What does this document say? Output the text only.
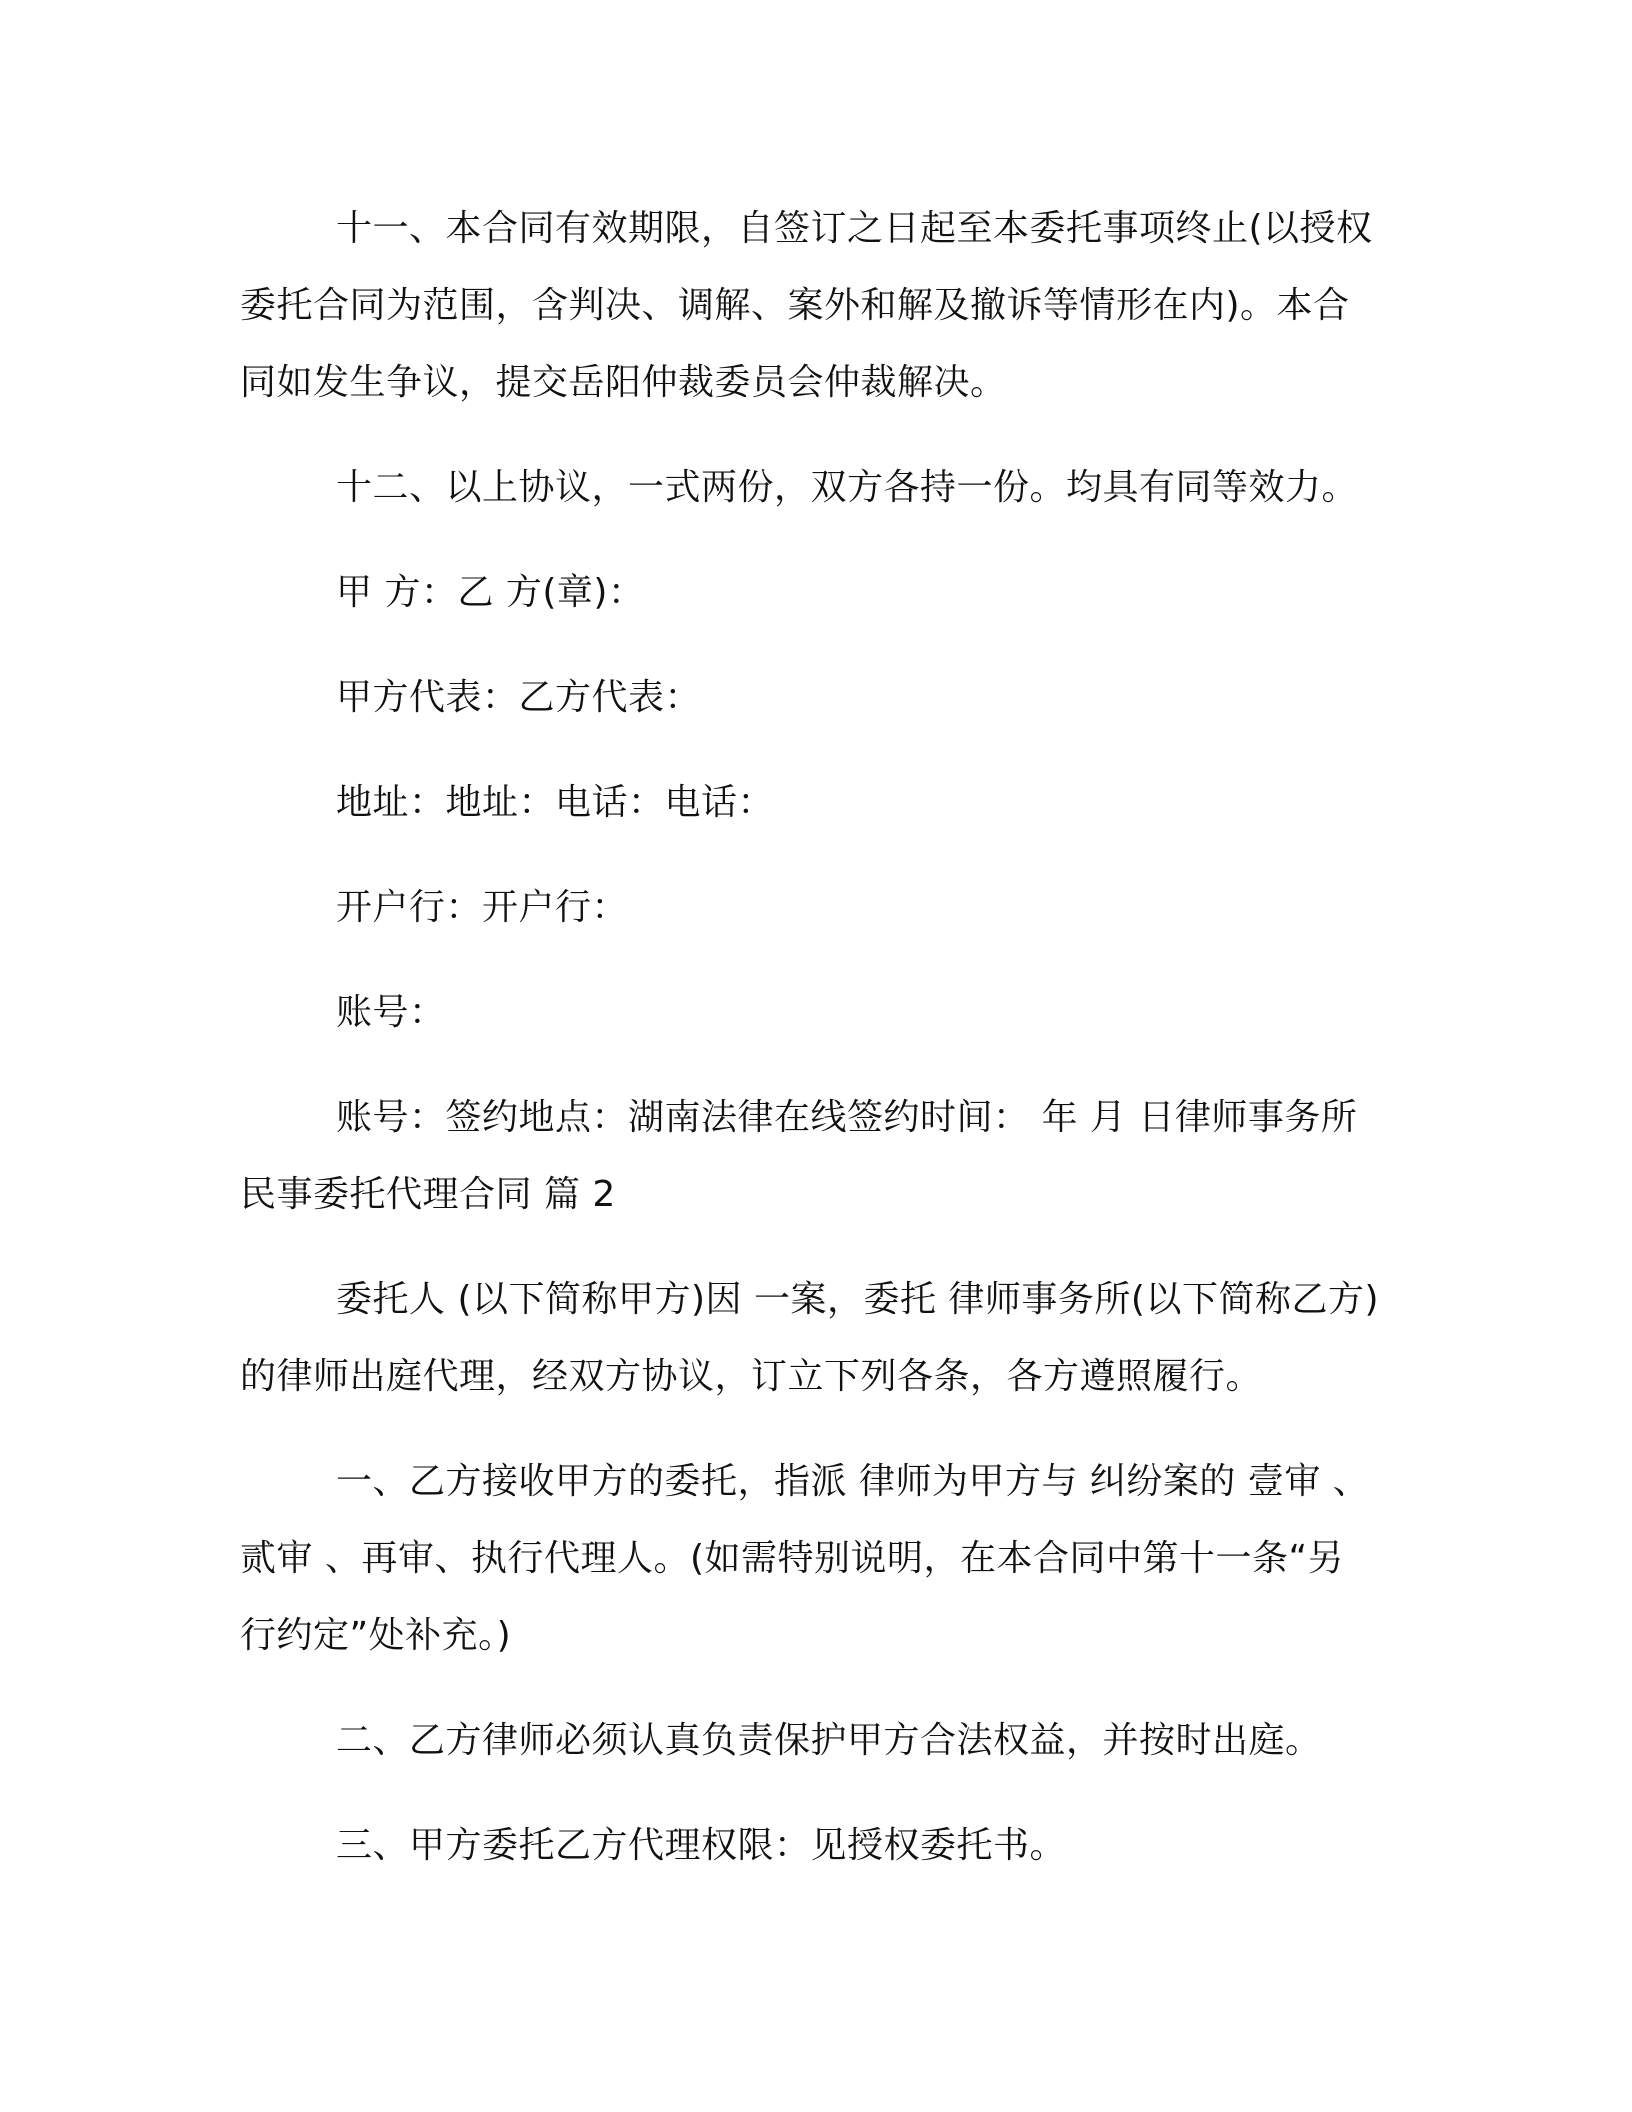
十一、本合同有效期限，自签订之日起至本委托事项终止(以授权委托合同为范围，含判决、调解、案外和解及撤诉等情形在内)。本合同如发生争议，提交岳阳仲裁委员会仲裁解决。

十二、以上协议，一式两份，双方各持一份。均具有同等效力。

甲 方：乙 方(章)：

甲方代表：乙方代表：

地址：地址：电话：电话：

开户行：开户行：

账号：

账号：签约地点：湖南法律在线签约时间： 年 月 日律师事务所民事委托代理合同 篇 2

委托人 (以下简称甲方)因 一案，委托 律师事务所(以下简称乙方)的律师出庭代理，经双方协议，订立下列各条，各方遵照履行。

一、乙方接收甲方的委托，指派 律师为甲方与 纠纷案的 壹审 、贰审 、再审、执行代理人。(如需特别说明，在本合同中第十一条“另行约定”处补充。)

二、乙方律师必须认真负责保护甲方合法权益，并按时出庭。

三、甲方委托乙方代理权限：见授权委托书。
